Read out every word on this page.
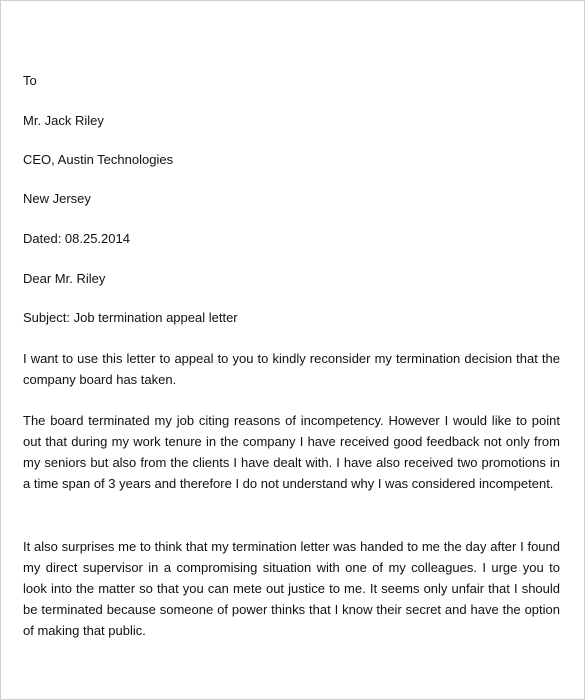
To
Mr. Jack Riley
CEO, Austin Technologies
New Jersey
Dated: 08.25.2014
Dear Mr. Riley
Subject: Job termination appeal letter

I want to use this letter to appeal to you to kindly reconsider my termination decision that the company board has taken.

The board terminated my job citing reasons of incompetency. However I would like to point out that during my work tenure in the company I have received good feedback not only from my seniors but also from the clients I have dealt with. I have also received two promotions in a time span of 3 years and therefore I do not understand why I was considered incompetent.

It also surprises me to think that my termination letter was handed to me the day after I found my direct supervisor in a compromising situation with one of my colleagues. I urge you to look into the matter so that you can mete out justice to me. It seems only unfair that I should be terminated because someone of power thinks that I know their secret and have the option of making that public.
